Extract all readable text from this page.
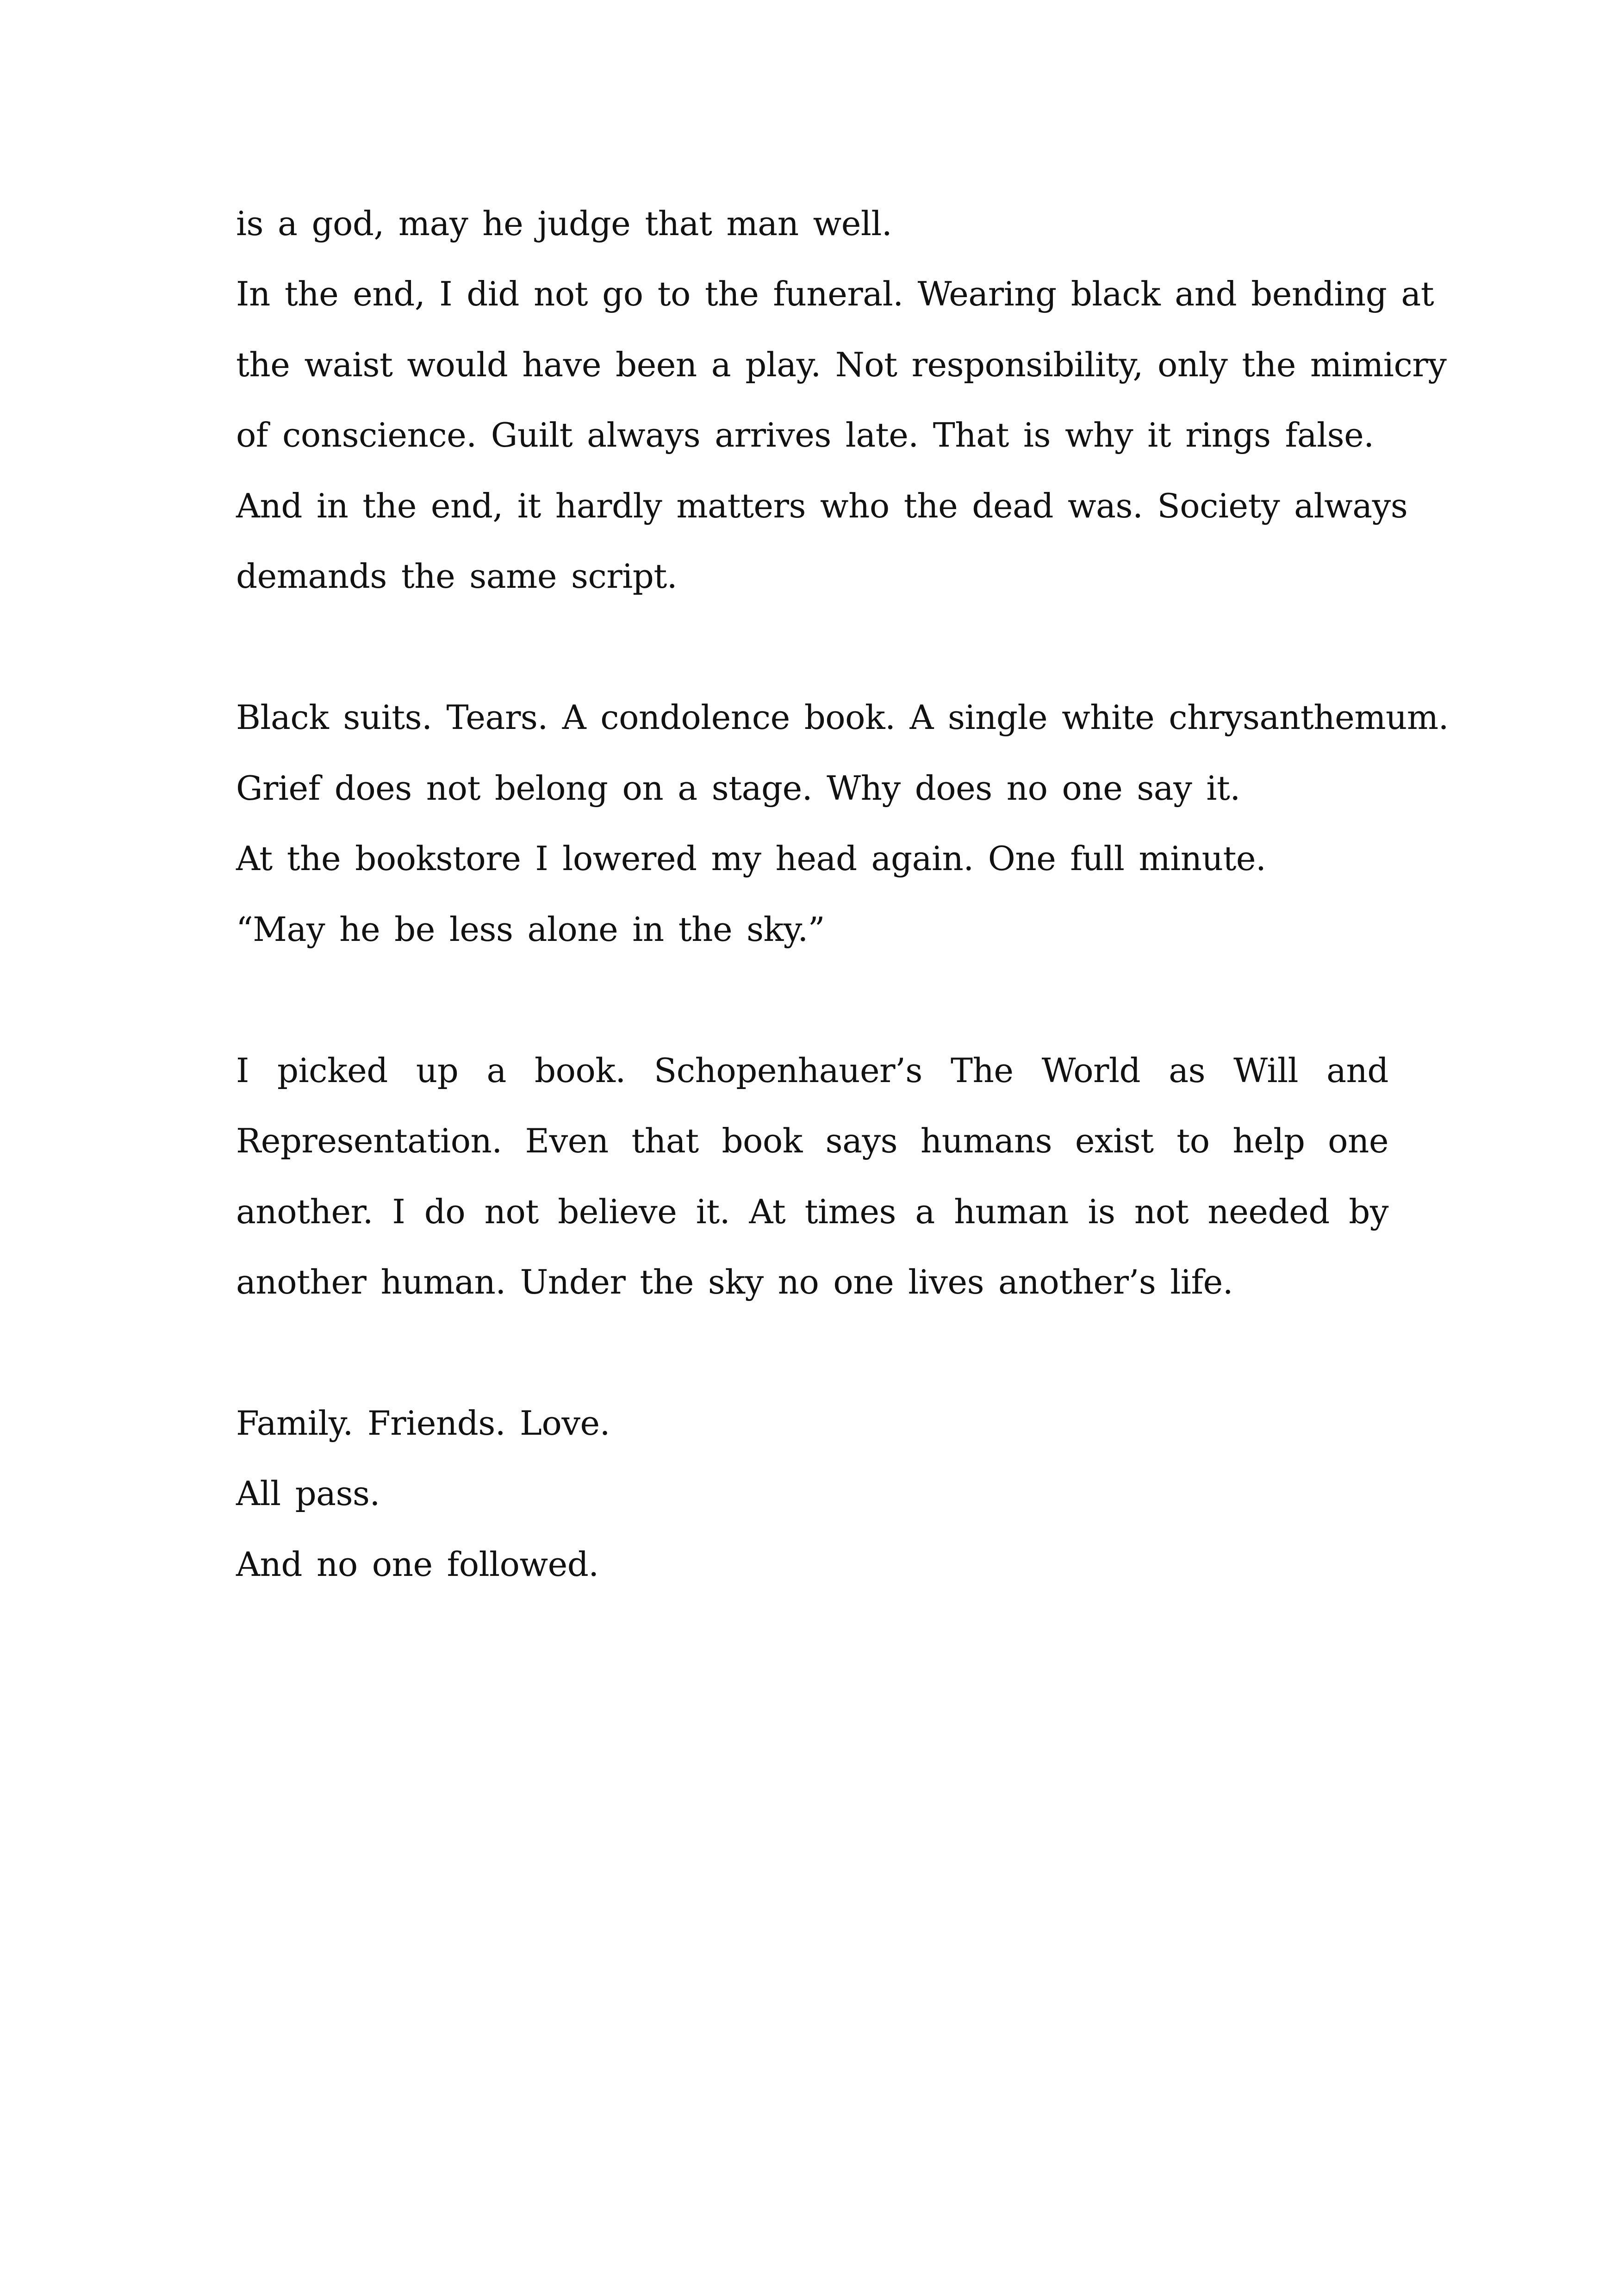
is a god, may he judge that man well.
In the end, I did not go to the funeral. Wearing black and bending at
the waist would have been a play. Not responsibility, only the mimicry
of conscience. Guilt always arrives late. That is why it rings false.
And in the end, it hardly matters who the dead was. Society always
demands the same script.
Black suits. Tears. A condolence book. A single white chrysanthemum.
Grief does not belong on a stage. Why does no one say it.
At the bookstore I lowered my head again. One full minute.
“May he be less alone in the sky.”
I picked up a book. Schopenhauer’s The World as Will and
Representation. Even that book says humans exist to help one
another. I do not believe it. At times a human is not needed by
another human. Under the sky no one lives another’s life.
Family. Friends. Love.
All pass.
And no one followed.
